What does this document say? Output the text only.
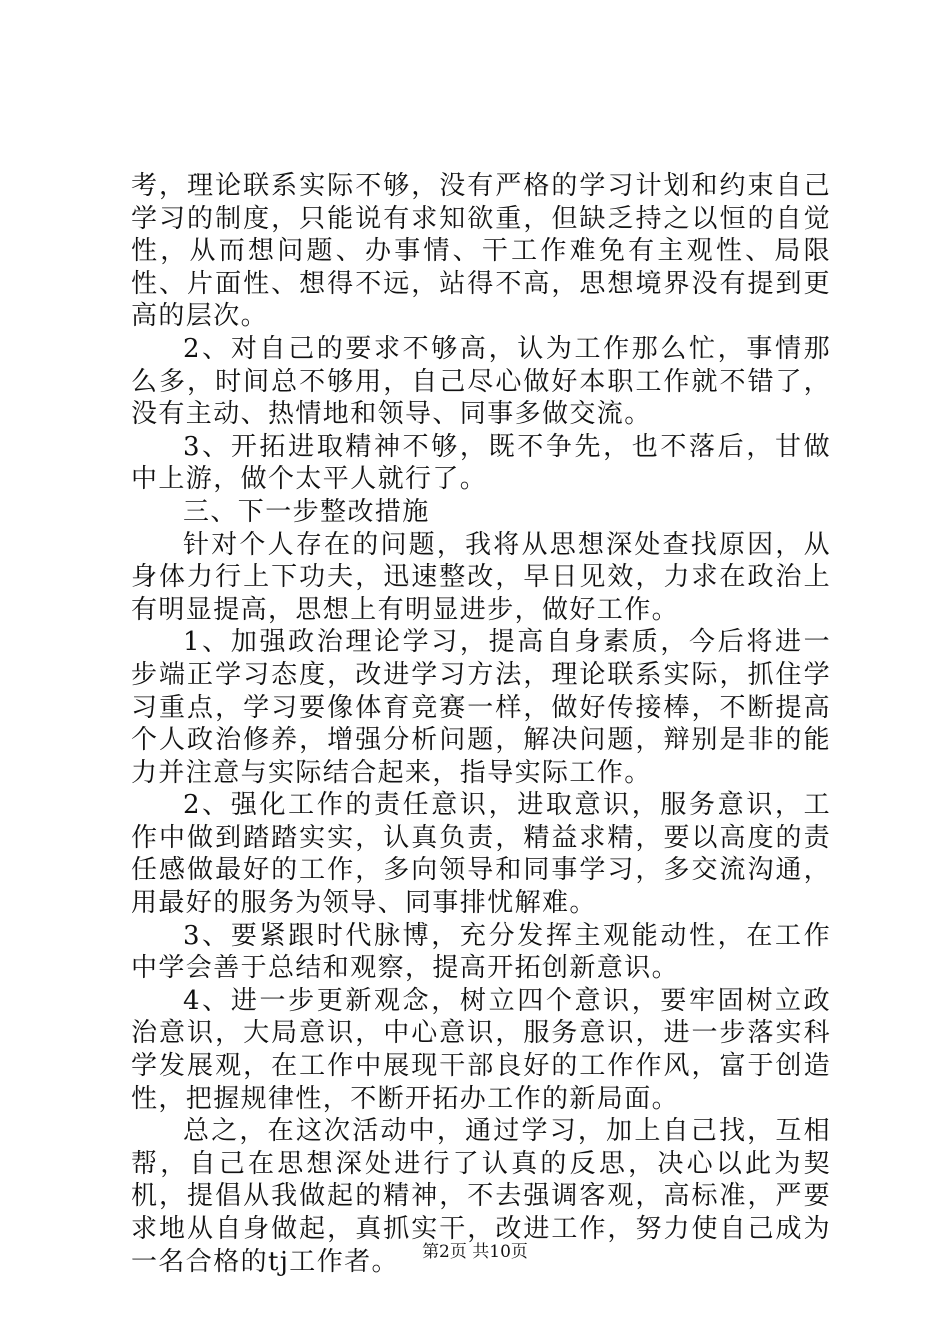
考，理论联系实际不够，没有严格的学习计划和约束自己学习的制度，只能说有求知欲重，但缺乏持之以恒的自觉性，从而想问题、办事情、干工作难免有主观性、局限性、片面性、想得不远，站得不高，思想境界没有提到更高的层次。

2、对自己的要求不够高，认为工作那么忙，事情那么多，时间总不够用，自己尽心做好本职工作就不错了，没有主动、热情地和领导、同事多做交流。

3、开拓进取精神不够，既不争先，也不落后，甘做中上游，做个太平人就行了。

三、下一步整改措施

针对个人存在的问题，我将从思想深处查找原因，从身体力行上下功夫，迅速整改，早日见效，力求在政治上有明显提高，思想上有明显进步，做好工作。

1、加强政治理论学习，提高自身素质，今后将进一步端正学习态度，改进学习方法，理论联系实际，抓住学习重点，学习要像体育竞赛一样，做好传接棒，不断提高个人政治修养，增强分析问题，解决问题，辩别是非的能力并注意与实际结合起来，指导实际工作。

2、强化工作的责任意识，进取意识，服务意识，工作中做到踏踏实实，认真负责，精益求精，要以高度的责任感做最好的工作，多向领导和同事学习，多交流沟通，用最好的服务为领导、同事排忧解难。

3、要紧跟时代脉博，充分发挥主观能动性，在工作中学会善于总结和观察，提高开拓创新意识。

4、进一步更新观念，树立四个意识，要牢固树立政治意识，大局意识，中心意识，服务意识，进一步落实科学发展观，在工作中展现干部良好的工作作风，富于创造性，把握规律性，不断开拓办工作的新局面。

总之，在这次活动中，通过学习，加上自己找，互相帮，自己在思想深处进行了认真的反思，决心以此为契机，提倡从我做起的精神，不去强调客观，高标准，严要求地从自身做起，真抓实干，改进工作，努力使自己成为一名合格的tj工作者。	第2页 共10页
